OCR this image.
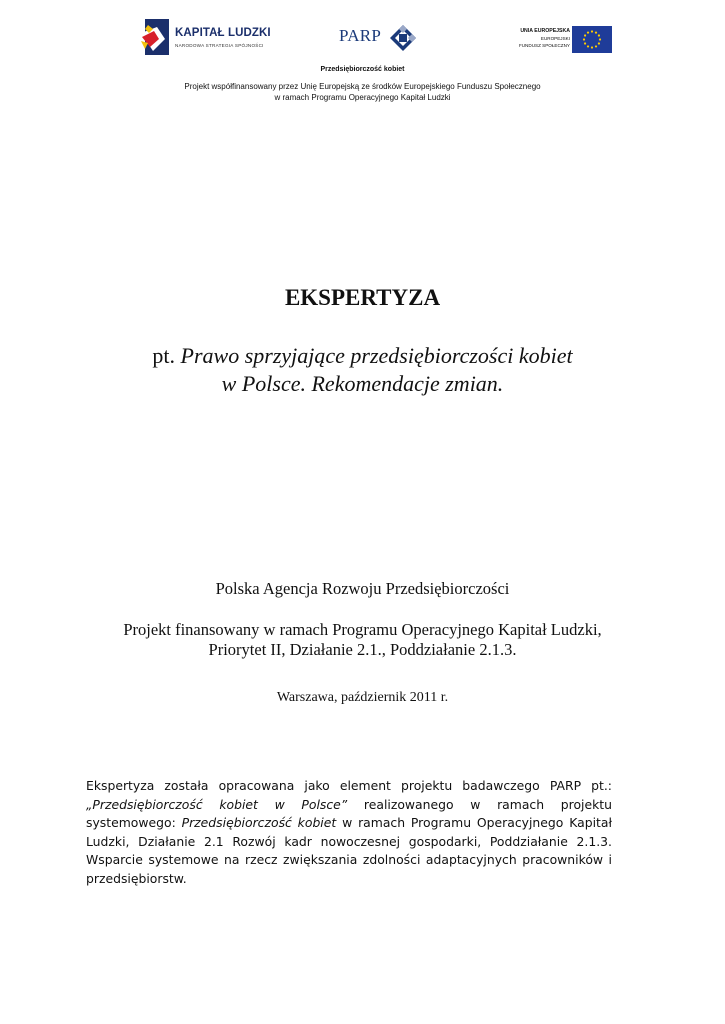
KAPITAŁ LUDZKI
NARODOWA STRATEGIA SPÓJNOŚCI
PARP	UNIA EUROPEJSKA
EUROPEJSKI
FUNDUSZ SPOŁECZNY
Przedsiębiorczość kobiet
Projekt współfinansowany przez Unię Europejską ze środków Europejskiego Funduszu Społecznego
w ramach Programu Operacyjnego Kapitał Ludzki
EKSPERTYZA
pt. Prawo sprzyjające przedsiębiorczości kobiet
w Polsce. Rekomendacje zmian.
Polska Agencja Rozwoju Przedsiębiorczości
Projekt finansowany w ramach Programu Operacyjnego Kapitał Ludzki,
Priorytet II, Działanie 2.1., Poddziałanie 2.1.3.
Warszawa, październik 2011 r.
Ekspertyza została opracowana jako element projektu badawczego PARP pt.: „Przedsiębiorczość kobiet w Polsce” realizowanego w ramach projektu systemowego: Przedsiębiorczość kobiet w ramach Programu Operacyjnego Kapitał Ludzki, Działanie 2.1 Rozwój kadr nowoczesnej gospodarki, Poddziałanie 2.1.3. Wsparcie systemowe na rzecz zwiększania zdolności adaptacyjnych pracowników i przedsiębiorstw.
